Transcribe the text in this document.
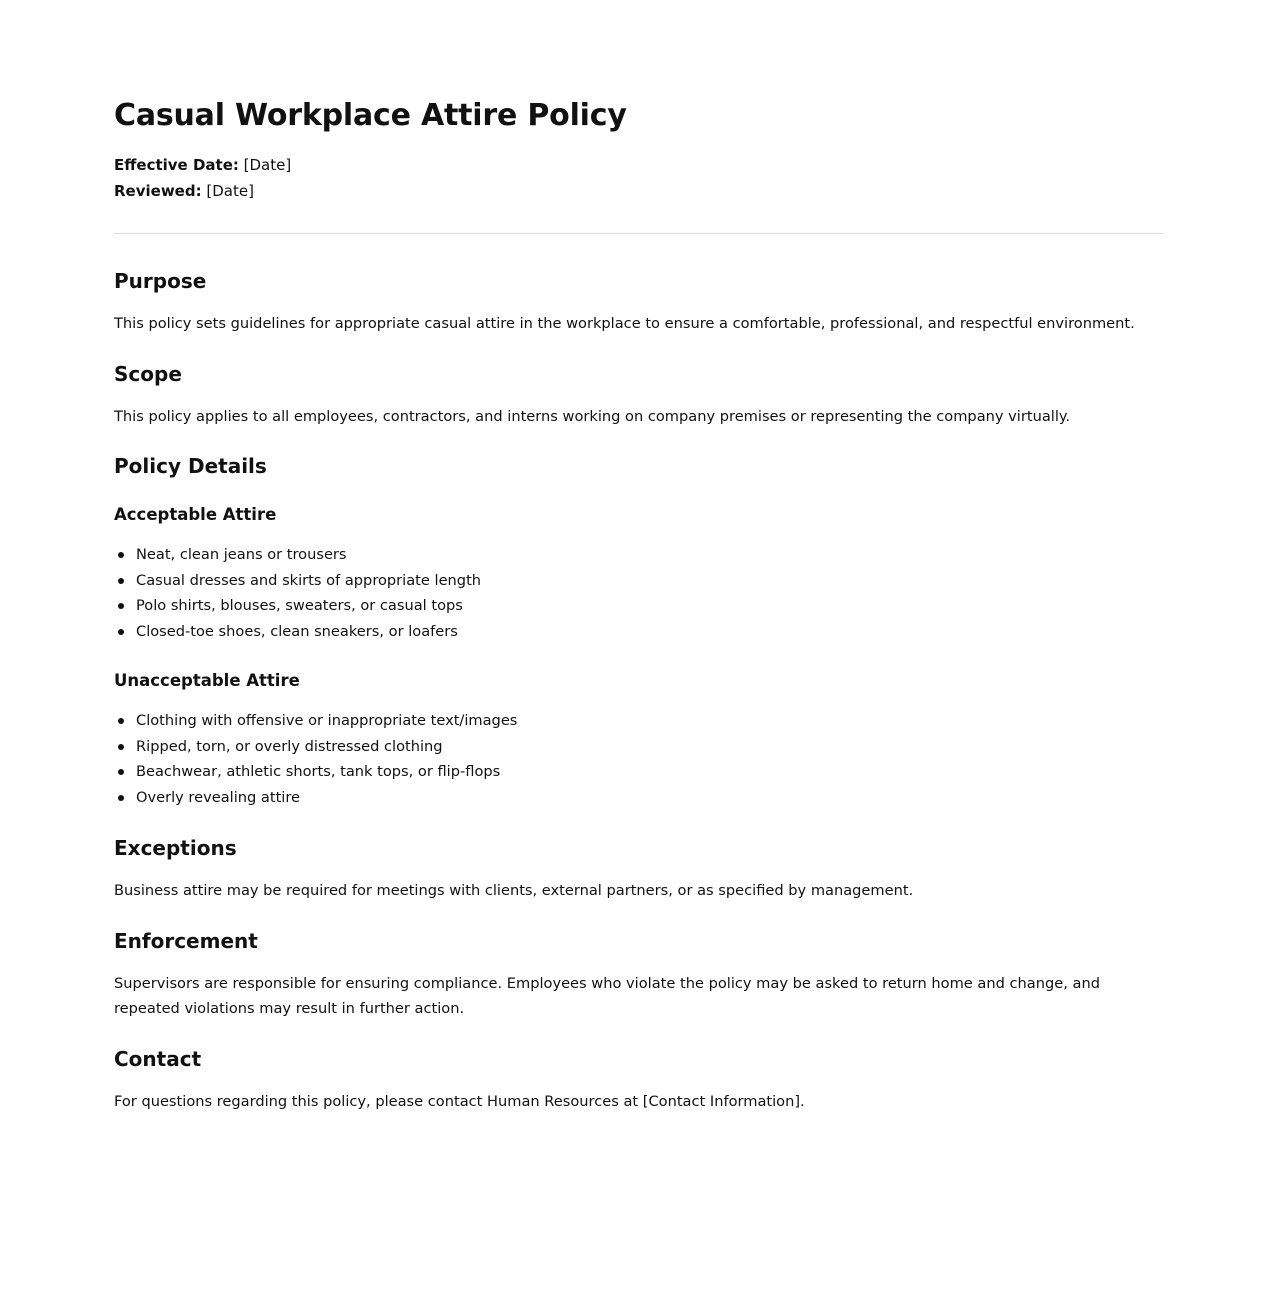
Casual Workplace Attire Policy
Effective Date: [Date]
Reviewed: [Date]
Purpose

This policy sets guidelines for appropriate casual attire in the workplace to ensure a comfortable, professional, and respectful environment.

Scope

This policy applies to all employees, contractors, and interns working on company premises or representing the company virtually.

Policy Details
Acceptable Attire
Neat, clean jeans or trousers
Casual dresses and skirts of appropriate length
Polo shirts, blouses, sweaters, or casual tops
Closed-toe shoes, clean sneakers, or loafers
Unacceptable Attire
Clothing with offensive or inappropriate text/images
Ripped, torn, or overly distressed clothing
Beachwear, athletic shorts, tank tops, or flip-flops
Overly revealing attire
Exceptions

Business attire may be required for meetings with clients, external partners, or as specified by management.

Enforcement

Supervisors are responsible for ensuring compliance. Employees who violate the policy may be asked to return home and change, and repeated violations may result in further action.

Contact

For questions regarding this policy, please contact Human Resources at [Contact Information].
